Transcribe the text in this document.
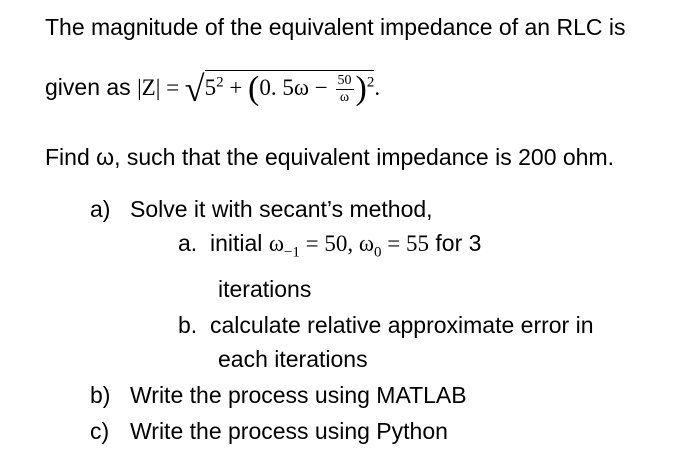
The magnitude of the equivalent impedance of an RLC is
given as $|Z| = √5^2 + (0$. $5\omega - \frac{50}{\omega} )^2$.
Find ω, such that the equivalent impedance is 200 ohm.
a) Solve it with secant’s method,
a. initial $\omega_{-1} = 50$, $\omega_0 = 55$ for 3
iterations
b. calculate relative approximate error in
each iterations
b) Write the process using MATLAB
c) Write the process using Python
